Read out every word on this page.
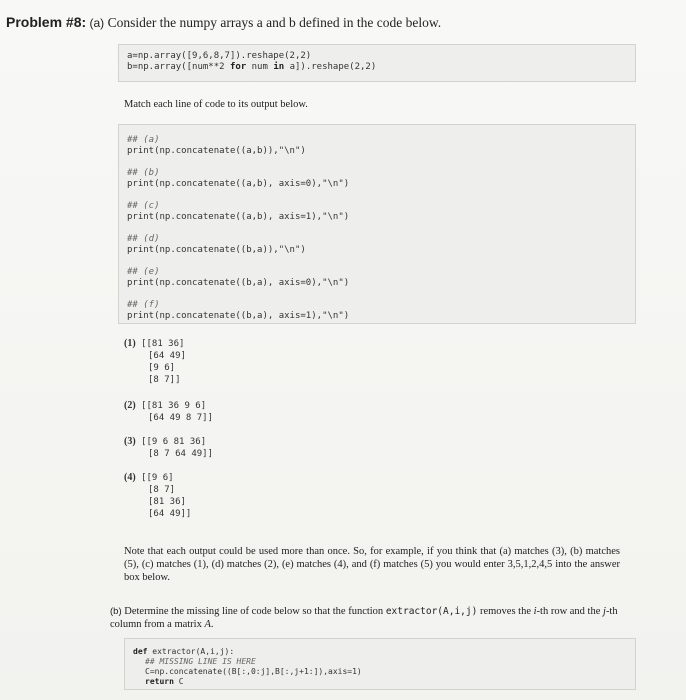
Problem #8: (a) Consider the numpy arrays a and b defined in the code below.
a=np.array([9,6,8,7]).reshape(2,2)
b=np.array([num**2 for num in a]).reshape(2,2)
Match each line of code to its output below.
## (a)
print(np.concatenate((a,b)),"\n")
## (b)
print(np.concatenate((a,b), axis=0),"\n")
## (c)
print(np.concatenate((a,b), axis=1),"\n")
## (d)
print(np.concatenate((b,a)),"\n")
## (e)
print(np.concatenate((b,a), axis=0),"\n")
## (f)
print(np.concatenate((b,a), axis=1),"\n")
(1) [[81 36]
[64 49]
[9 6]
[8 7]]
(2) [[81 36 9 6]
[64 49 8 7]]
(3) [[9 6 81 36]
[8 7 64 49]]
(4) [[9 6]
[8 7]
[81 36]
[64 49]]
Note that each output could be used more than once. So, for example, if you think that (a) matches (3), (b) matches (5), (c) matches (1), (d) matches (2), (e) matches (4), and (f) matches (5) you would enter 3,5,1,2,4,5 into the answer box below.
(b) Determine the missing line of code below so that the function extractor(A,i,j) removes the i-th row and the j-th column from a matrix A.
def extractor(A,i,j):
## MISSING LINE IS HERE
C=np.concatenate((B[:,0:j],B[:,j+1:]),axis=1)
return C
